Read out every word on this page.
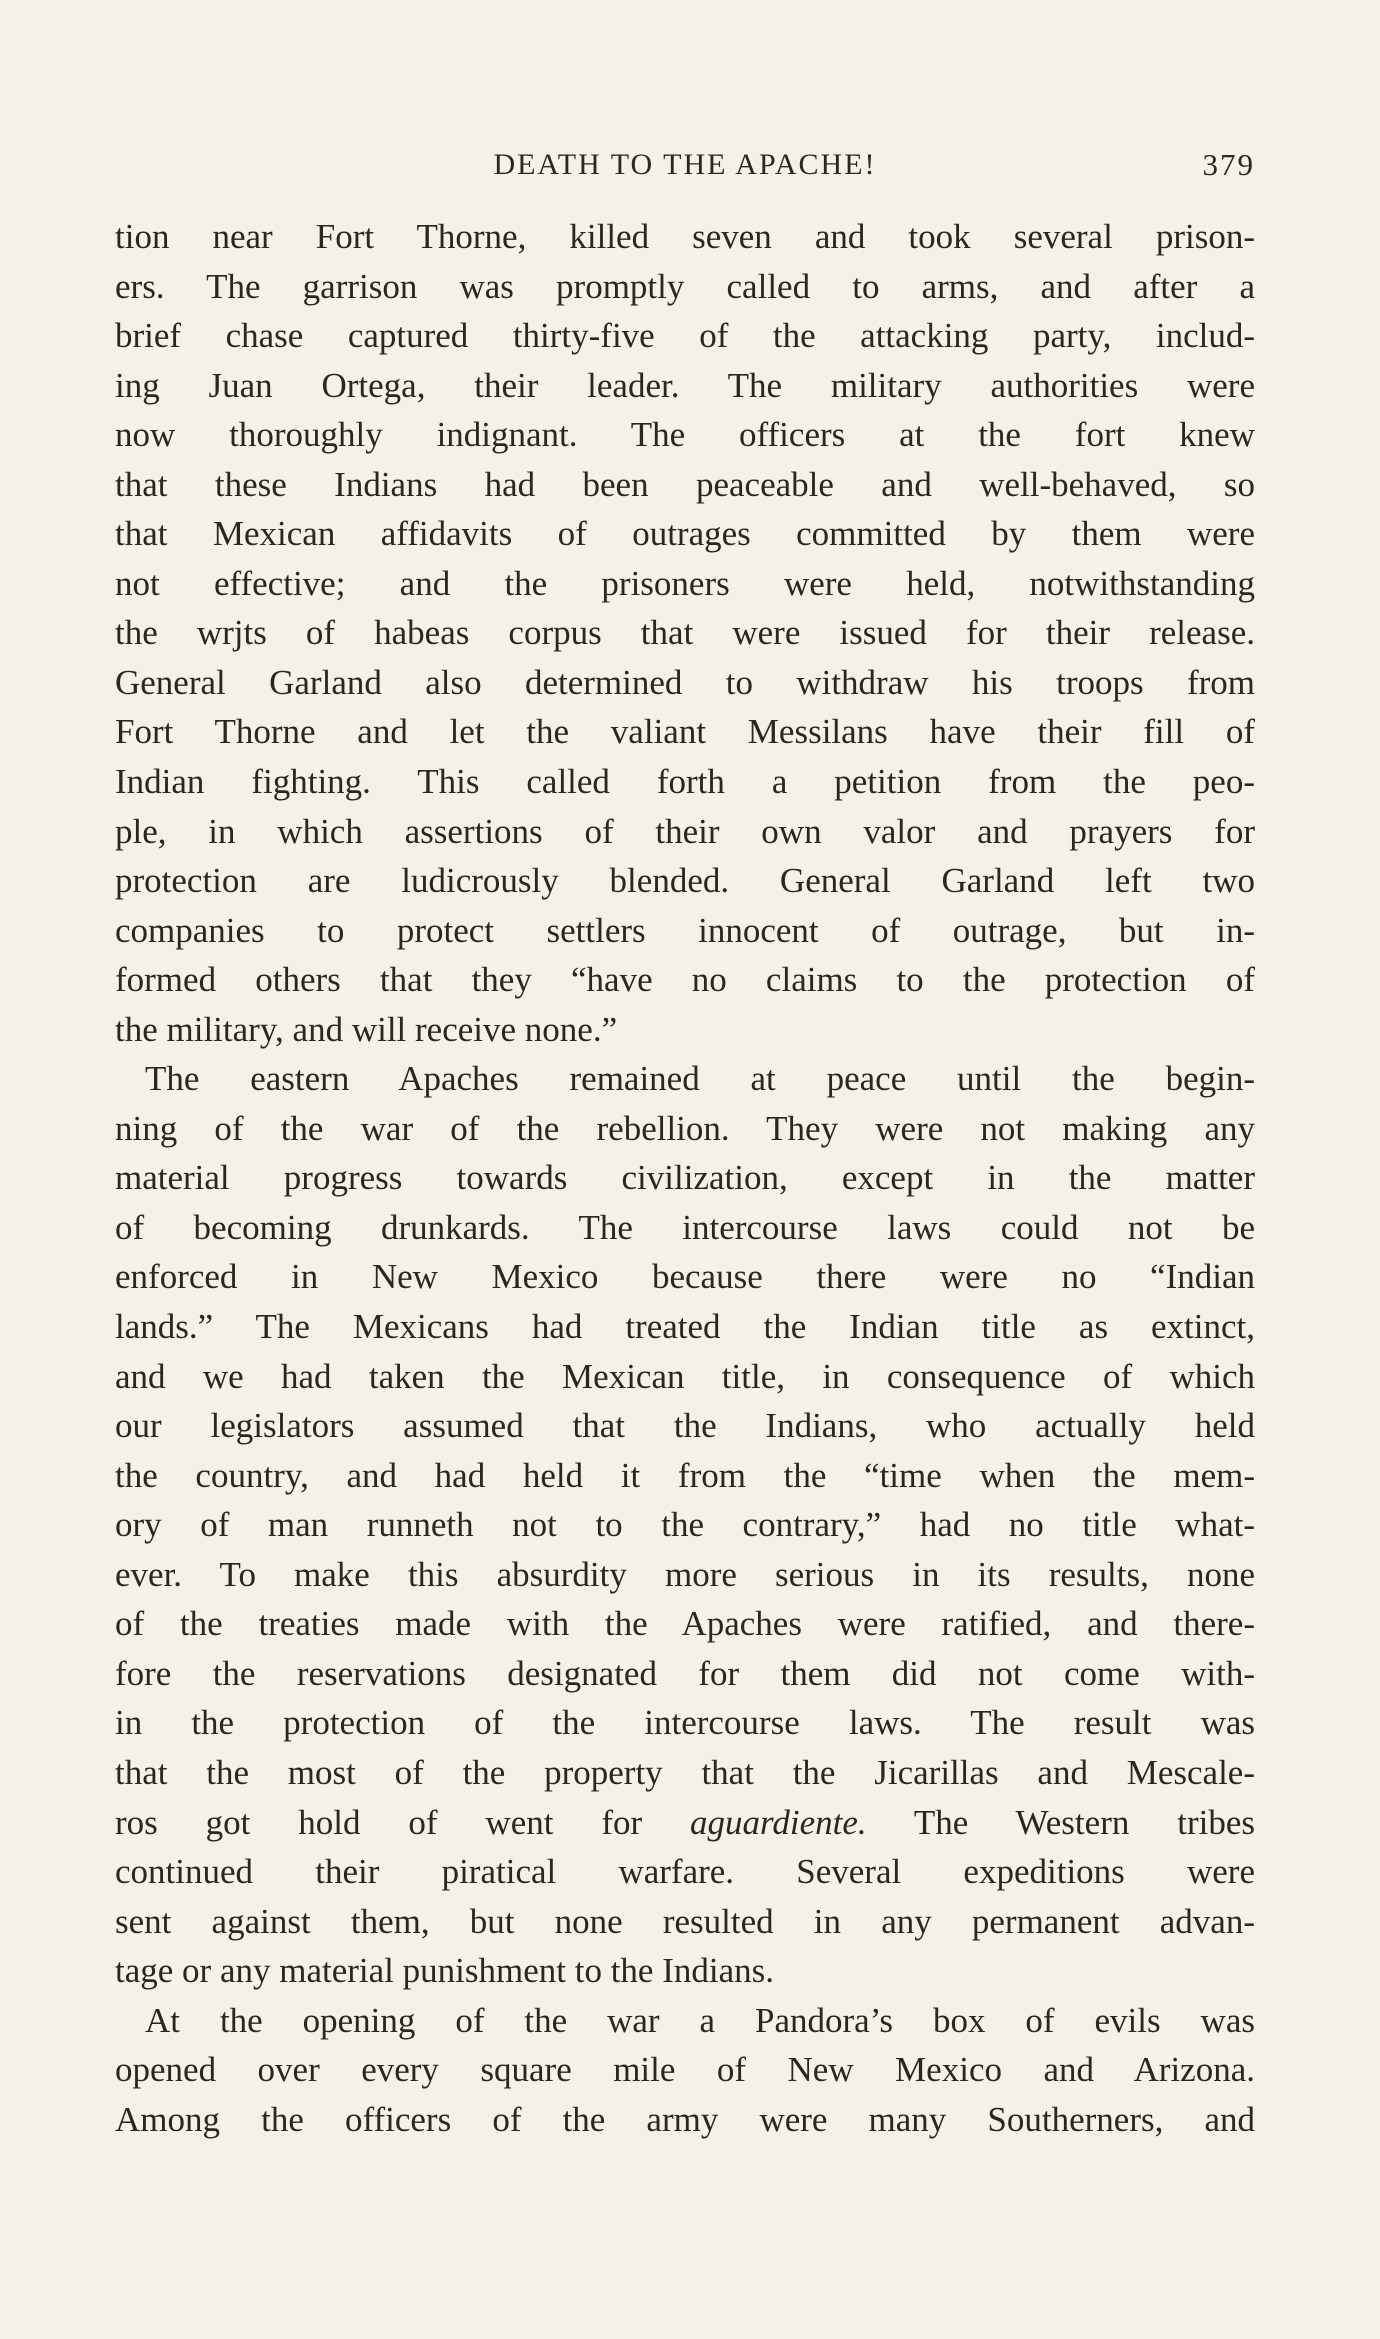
DEATH TO THE APACHE!	379
tion near Fort Thorne, killed seven and took several prison-
ers. The garrison was promptly called to arms, and after a
brief chase captured thirty-five of the attacking party, includ-
ing Juan Ortega, their leader. The military authorities were
now thoroughly indignant. The officers at the fort knew
that these Indians had been peaceable and well-behaved, so
that Mexican affidavits of outrages committed by them were
not effective; and the prisoners were held, notwithstanding
the wrjts of habeas corpus that were issued for their release.
General Garland also determined to withdraw his troops from
Fort Thorne and let the valiant Messilans have their fill of
Indian fighting. This called forth a petition from the peo-
ple, in which assertions of their own valor and prayers for
protection are ludicrously blended. General Garland left two
companies to protect settlers innocent of outrage, but in-
formed others that they “have no claims to the protection of
the military, and will receive none.”
The eastern Apaches remained at peace until the begin-
ning of the war of the rebellion. They were not making any
material progress towards civilization, except in the matter
of becoming drunkards. The intercourse laws could not be
enforced in New Mexico because there were no “Indian
lands.” The Mexicans had treated the Indian title as extinct,
and we had taken the Mexican title, in consequence of which
our legislators assumed that the Indians, who actually held
the country, and had held it from the “time when the mem-
ory of man runneth not to the contrary,” had no title what-
ever. To make this absurdity more serious in its results, none
of the treaties made with the Apaches were ratified, and there-
fore the reservations designated for them did not come with-
in the protection of the intercourse laws. The result was
that the most of the property that the Jicarillas and Mescale-
ros got hold of went for aguardiente. The Western tribes
continued their piratical warfare. Several expeditions were
sent against them, but none resulted in any permanent advan-
tage or any material punishment to the Indians.
At the opening of the war a Pandora’s box of evils was
opened over every square mile of New Mexico and Arizona.
Among the officers of the army were many Southerners, and
